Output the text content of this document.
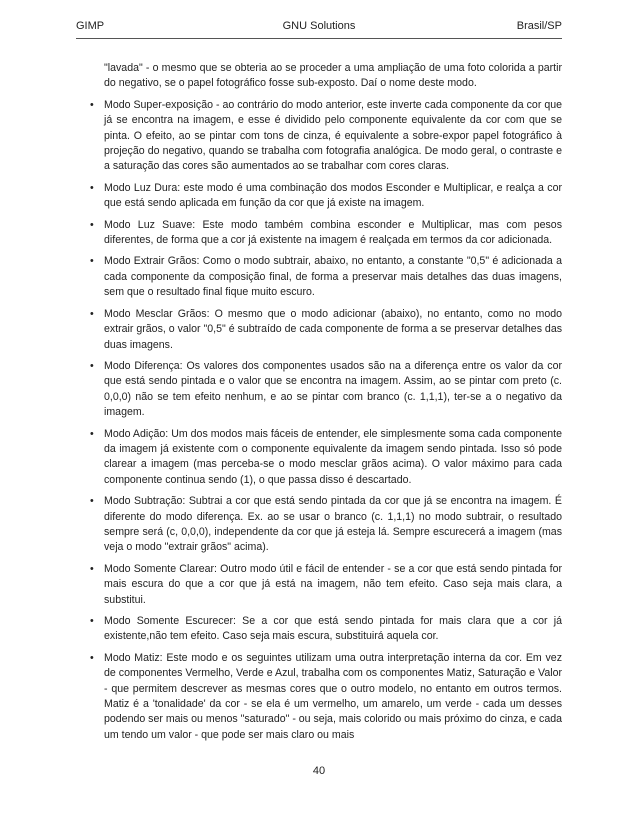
GIMP	GNU Solutions	Brasil/SP

"lavada" - o mesmo que se obteria ao se proceder a uma ampliação de uma foto colorida a partir do negativo, se o papel fotográfico fosse sub-exposto. Daí o nome deste modo.

• Modo Super-exposição - ao contrário do modo anterior, este inverte cada componente da cor que já se encontra na imagem, e esse é dividido pelo componente equivalente da cor com que se pinta. O efeito, ao se pintar com tons de cinza, é equivalente a sobre-expor papel fotográfico à projeção do negativo, quando se trabalha com fotografia analógica. De modo geral, o contraste e a saturação das cores são aumentados ao se trabalhar com cores claras.
• Modo Luz Dura: este modo é uma combinação dos modos Esconder e Multiplicar, e realça a cor que está sendo aplicada em função da cor que já existe na imagem.
• Modo Luz Suave: Este modo também combina esconder e Multiplicar, mas com pesos diferentes, de forma que a cor já existente na imagem é realçada em termos da cor adicionada.
• Modo Extrair Grãos: Como o modo subtrair, abaixo, no entanto, a constante "0,5" é adicionada a cada componente da composição final, de forma a preservar mais detalhes das duas imagens, sem que o resultado final fique muito escuro.
• Modo Mesclar Grãos: O mesmo que o modo adicionar (abaixo), no entanto, como no modo extrair grãos, o valor "0,5" é subtraído de cada componente de forma a se preservar detalhes das duas imagens.
• Modo Diferença: Os valores dos componentes usados são na a diferença entre os valor da cor que está sendo pintada e o valor que se encontra na imagem. Assim, ao se pintar com preto (c. 0,0,0) não se tem efeito nenhum, e ao se pintar com branco (c. 1,1,1), ter-se a o negativo da imagem.
• Modo Adição: Um dos modos mais fáceis de entender, ele simplesmente soma cada componente da imagem já existente com o componente equivalente da imagem sendo pintada. Isso só pode clarear a imagem (mas perceba-se o modo mesclar grãos acima). O valor máximo para cada componente continua sendo (1), o que passa disso é descartado.
• Modo Subtração: Subtrai a cor que está sendo pintada da cor que já se encontra na imagem. É diferente do modo diferença. Ex. ao se usar o branco (c. 1,1,1) no modo subtrair, o resultado sempre será (c, 0,0,0), independente da cor que já esteja lá. Sempre escurecerá a imagem (mas veja o modo "extrair grãos" acima).
• Modo Somente Clarear: Outro modo útil e fácil de entender - se a cor que está sendo pintada for mais escura do que a cor que já está na imagem, não tem efeito. Caso seja mais clara, a substitui.
• Modo Somente Escurecer: Se a cor que está sendo pintada for mais clara que a cor já existente,não tem efeito. Caso seja mais escura, substituirá aquela cor.
• Modo Matiz: Este modo e os seguintes utilizam uma outra interpretação interna da cor. Em vez de componentes Vermelho, Verde e Azul, trabalha com os componentes Matiz, Saturação e Valor - que permitem descrever as mesmas cores que o outro modelo, no entanto em outros termos. Matiz é a 'tonalidade' da cor - se ela é um vermelho, um amarelo, um verde - cada um desses podendo ser mais ou menos "saturado" - ou seja, mais colorido ou mais próximo do cinza, e cada um tendo um valor - que pode ser mais claro ou mais
40
